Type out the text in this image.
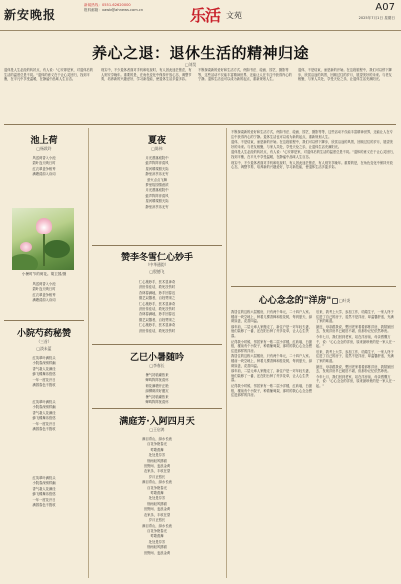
新安晚报
新闻热线：0551-62620000
报料邮箱：xawb@ahnews.com.cn	乐活 文苑
A07
2025年7月1日 星期日
养心之退：退休生活的精神归途
□刘昊
退休是人生必经的转折点，有人说："心安即是家，对退休后的生活的温度总是不同。"退休的意义在于让心灵回归，找到平衡，在平凡中享受温暖，在静谧中品味人生百态。
现实中，不少退休者面对手机和电视时，有人因此迷茫焦虑，有人则安享晚年。重要的是，在角色变化中保持开放心态，调整节奏，培养新的兴趣爱好，学习新技能，使退休生活多姿多彩。
不断探索新的爱好和生活方式，例如书法、绘画、园艺、摄影等等，这些活动不仅能丰富精神世界，还能让人在专注中获得内心的宁静。退休生活也可以成为新的起点，重新规划人生。
退休，不是结束，而是新的开始。在这段旅程中，我们可以停下脚步，欣赏沿途的风景，回顾过往的岁月，展望美好的未来。与老友相聚，与家人共处，享受天伦之乐，让退休生活充满阳光。
池上荷
□杨敦玲
风送荷香入小池
碧叶连天映日时
红衣翠盖争相秀
满塘清韵入诗词
小暑时节的荷花。胡卫国/摄
风送荷香入小池
碧叶连天映日时
红衣翠盖争相秀
满塘清韵入诗词
小院芍药秘赞
（三首）
□淡未蓝
红英翠叶满枝头
小院春深别样幽
香气袭人花满径
蜂飞蝶舞乐悠悠
一年一度花开日
满园春色不胜收
红英翠叶满枝头
小院春深别样幽
香气袭人花满径
蜂飞蝶舞乐悠悠
一年一度花开日
满园春色不胜收
红英翠叶满枝头
小院春深别样幽
香气袭人花满径
蜂飞蝶舞乐悠悠
一年一度花开日
满园春色不胜收
夏夜
□陈伟
月光洒落庭院中
蛙声阵阵伴清风
星河璀璨照天际
静坐凉亭乐无穷
萤火点点飞舞
梦里故园情意浓
月光洒落庭院中
蛙声阵阵伴清风
星河璀璨照天际
静坐凉亭乐无穷
赞李冬雪仁心妙手
（中华通韵）
□殷德飞
仁心施妙手，医术显神奇
济世传佳话，救死扶伤时
杏林春满地，妙手回春迟
德艺双馨者，百姓赞颂之
仁心施妙手，医术显神奇
济世传佳话，救死扶伤时
杏林春满地，妙手回春迟
德艺双馨者，百姓赞颂之
仁心施妙手，医术显神奇
济世传佳话，救死扶伤时
乙巳小暑随吟
□李春长
暑气初临燥热来
蝉鸣阵阵扰清怀
荷花满塘开正艳
绿柳荫浓好避灾
暑气初临燥热来
蝉鸣阵阵扰清怀
满庭芳·入阿四月天
□王启鸿
满目青山，绿水长流
百花争艳春光
莺歌燕舞
处处是芬芳
细雨轻风拂面
田野间、麦浪金黄
农家乐，丰收在望
岁月正悠长
满目青山，绿水长流
百花争艳春光
莺歌燕舞
处处是芬芳
细雨轻风拂面
田野间、麦浪金黄
农家乐，丰收在望
岁月正悠长
满目青山，绿水长流
百花争艳春光
莺歌燕舞
处处是芬芳
细雨轻风拂面
田野间、麦浪金黄
心心念念的"洋房"	□叶炎

我居住的这栋六层楼房，只有两个单元，二十四户人家。楼前一块空地上，种着几棵香樟和桂花树，每到夏天，绿荫如盖，花香四溢。

那年前，二层元章人家搬走了，新住户是一对年轻夫妻，他们装修了一番，还在阳台种了许多花草，让人心生羡慕。

记得我小时候，邻居家有一栋二层小洋楼，红砖墙，白窗框，楼前有个小院子，种着葡萄架，那时的我心心念念想住进那样的洋房。

我居住的这栋六层楼房，只有两个单元，二十四户人家。楼前一块空地上，种着几棵香樟和桂花树，每到夏天，绿荫如盖，花香四溢。

那年前，二层元章人家搬走了，新住户是一对年轻夫妻，他们装修了一番，还在阳台种了许多花草，让人心生羡慕。

记得我小时候，邻居家有一栋二层小洋楼，红砖墙，白窗框，楼前有个小院子，种着葡萄架，那时的我心心念念想住进那样的洋房。

后来，我考上大学，参加工作，结婚生子，一家人终于住进了自己的房子，虽然不是洋房，却温馨舒适，充满了家的味道。

最近，母亲跟我说，想回老家看看那栋洋房，我陪她回去，发现洋房早已破旧不堪，但那份记忆依然珍贵。

今年七月，我们回到老家，站在洋房前，母亲感慨万千，说："心心念念的洋房，原来最珍贵的是一家人在一起。"

后来，我考上大学，参加工作，结婚生子，一家人终于住进了自己的房子，虽然不是洋房，却温馨舒适，充满了家的味道。

最近，母亲跟我说，想回老家看看那栋洋房，我陪她回去，发现洋房早已破旧不堪，但那份记忆依然珍贵。

今年七月，我们回到老家，站在洋房前，母亲感慨万千，说："心心念念的洋房，原来最珍贵的是一家人在一起。"

不断探索新的爱好和生活方式，例如书法、绘画、园艺、摄影等等，这些活动不仅能丰富精神世界，还能让人在专注中获得内心的宁静。退休生活也可以成为新的起点，重新规划人生。

退休，不是结束，而是新的开始。在这段旅程中，我们可以停下脚步，欣赏沿途的风景，回顾过往的岁月，展望美好的未来。与老友相聚，与家人共处，享受天伦之乐，让退休生活充满阳光。

退休是人生必经的转折点，有人说："心安即是家，对退休后的生活的温度总是不同。"退休的意义在于让心灵回归，找到平衡，在平凡中享受温暖，在静谧中品味人生百态。

现实中，不少退休者面对手机和电视时，有人因此迷茫焦虑，有人则安享晚年。重要的是，在角色变化中保持开放心态，调整节奏，培养新的兴趣爱好，学习新技能，使退休生活多姿多彩。
